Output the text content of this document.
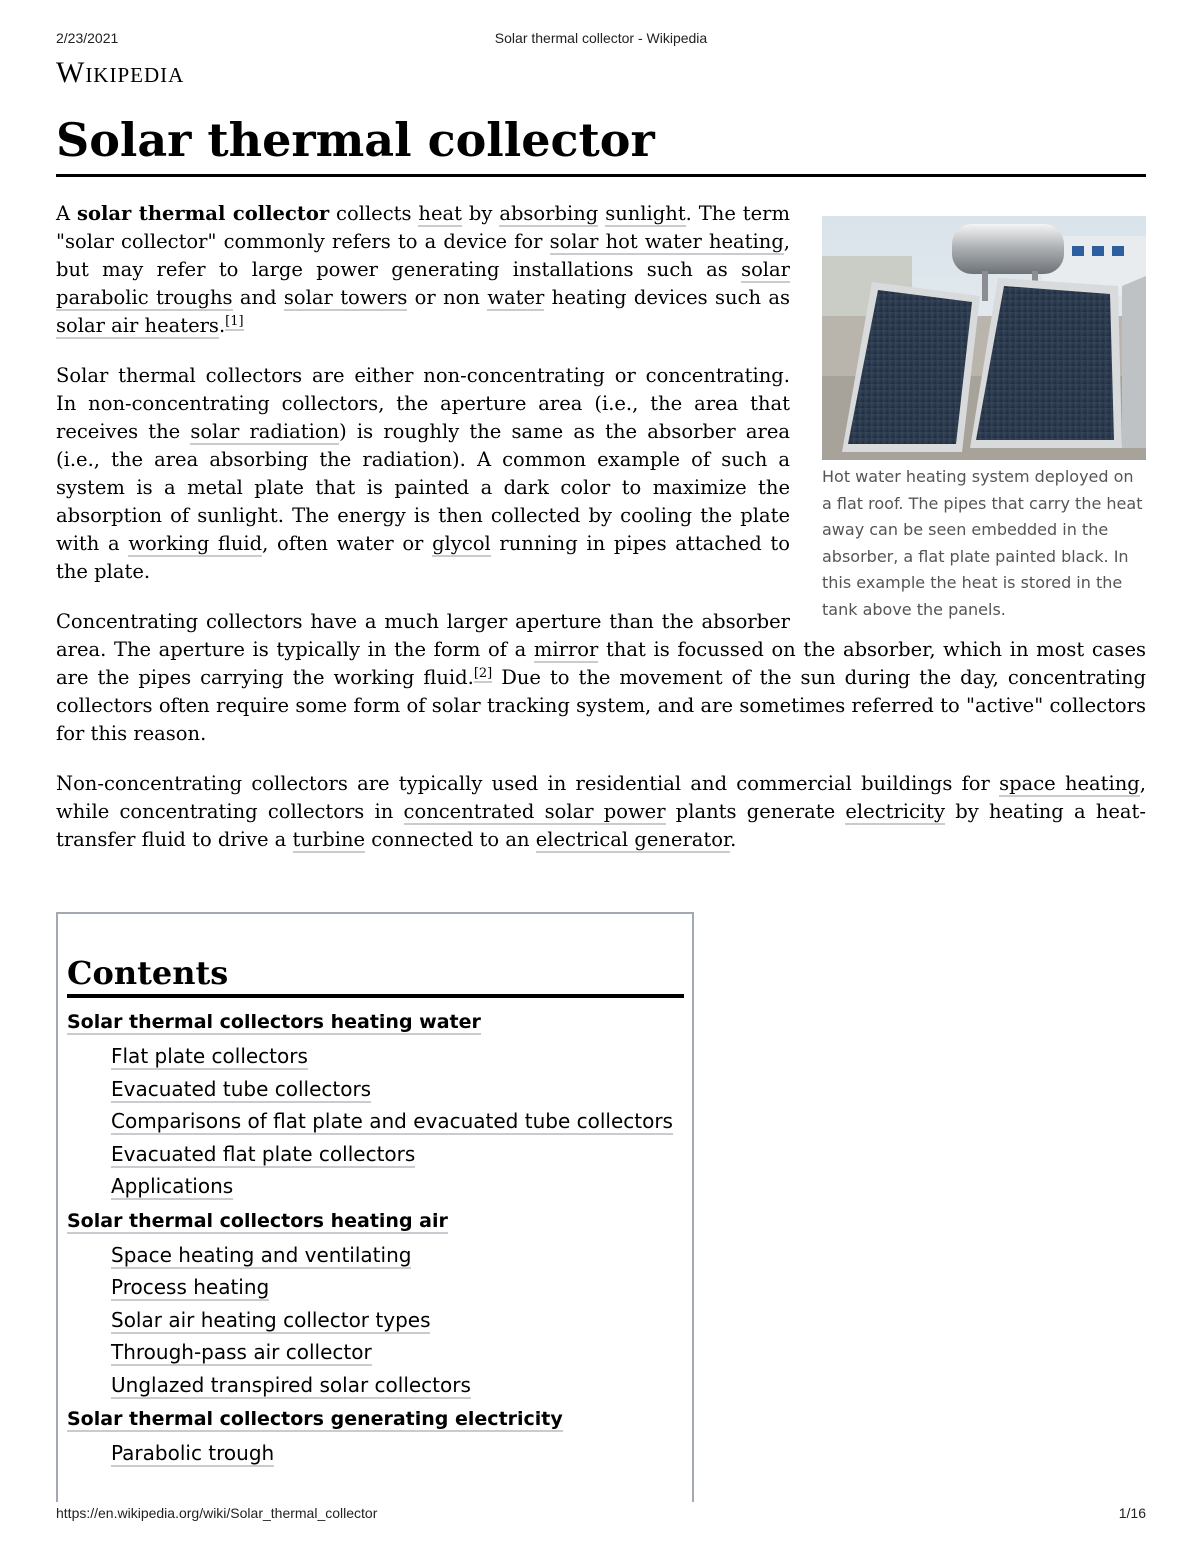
2/23/2021	Solar thermal collector - Wikipedia
Wikipedia
Solar thermal collector
Hot water heating system deployed on a flat roof. The pipes that carry the heat away can be seen embedded in the absorber, a flat plate painted black. In this example the heat is stored in the tank above the panels.

A solar thermal collector collects heat by absorbing sunlight. The term "solar collector" commonly refers to a device for solar hot water heating, but may refer to large power generating installations such as solar parabolic troughs and solar towers or non water heating devices such as solar air heaters.[1]

Solar thermal collectors are either non-concentrating or concentrating. In non-concentrating collectors, the aperture area (i.e., the area that receives the solar radiation) is roughly the same as the absorber area (i.e., the area absorbing the radiation). A common example of such a system is a metal plate that is painted a dark color to maximize the absorption of sunlight. The energy is then collected by cooling the plate with a working fluid, often water or glycol running in pipes attached to the plate.

Concentrating collectors have a much larger aperture than the absorber area. The aperture is typically in the form of a mirror that is focussed on the absorber, which in most cases are the pipes carrying the working fluid.[2] Due to the movement of the sun during the day, concentrating collectors often require some form of solar tracking system, and are sometimes referred to "active" collectors for this reason.

Non-concentrating collectors are typically used in residential and commercial buildings for space heating, while concentrating collectors in concentrated solar power plants generate electricity by heating a heat-transfer fluid to drive a turbine connected to an electrical generator.

Contents
Solar thermal collectors heating water
Flat plate collectors
Evacuated tube collectors
Comparisons of flat plate and evacuated tube collectors
Evacuated flat plate collectors
Applications
Solar thermal collectors heating air
Space heating and ventilating
Process heating
Solar air heating collector types
Through-pass air collector
Unglazed transpired solar collectors
Solar thermal collectors generating electricity
Parabolic trough
https://en.wikipedia.org/wiki/Solar_thermal_collector	1/16
